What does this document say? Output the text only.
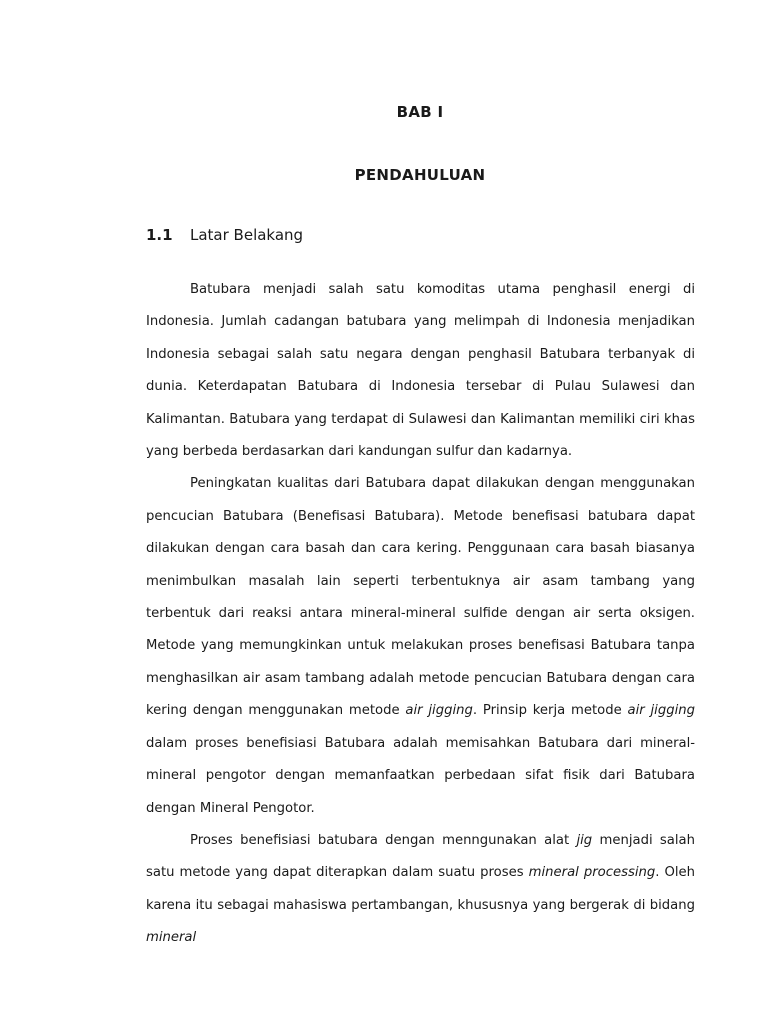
BAB I
PENDAHULUAN
1.1 Latar Belakang

Batubara menjadi salah satu komoditas utama penghasil energi di Indonesia. Jumlah cadangan batubara yang melimpah di Indonesia menjadikan Indonesia sebagai salah satu negara dengan penghasil Batubara terbanyak di dunia. Keterdapatan Batubara di Indonesia tersebar di Pulau Sulawesi dan Kalimantan. Batubara yang terdapat di Sulawesi dan Kalimantan memiliki ciri khas yang berbeda berdasarkan dari kandungan sulfur dan kadarnya.

Peningkatan kualitas dari Batubara dapat dilakukan dengan menggunakan pencucian Batubara (Benefisasi Batubara). Metode benefisasi batubara dapat dilakukan dengan cara basah dan cara kering. Penggunaan cara basah biasanya menimbulkan masalah lain seperti terbentuknya air asam tambang yang terbentuk dari reaksi antara mineral-mineral sulfide dengan air serta oksigen. Metode yang memungkinkan untuk melakukan proses benefisasi Batubara tanpa menghasilkan air asam tambang adalah metode pencucian Batubara dengan cara kering dengan menggunakan metode air jigging. Prinsip kerja metode air jigging dalam proses benefisiasi Batubara adalah memisahkan Batubara dari mineral-mineral pengotor dengan memanfaatkan perbedaan sifat fisik dari Batubara dengan Mineral Pengotor.

Proses benefisiasi batubara dengan menngunakan alat jig menjadi salah satu metode yang dapat diterapkan dalam suatu proses mineral processing. Oleh karena itu sebagai mahasiswa pertambangan, khususnya yang bergerak di bidang mineral
